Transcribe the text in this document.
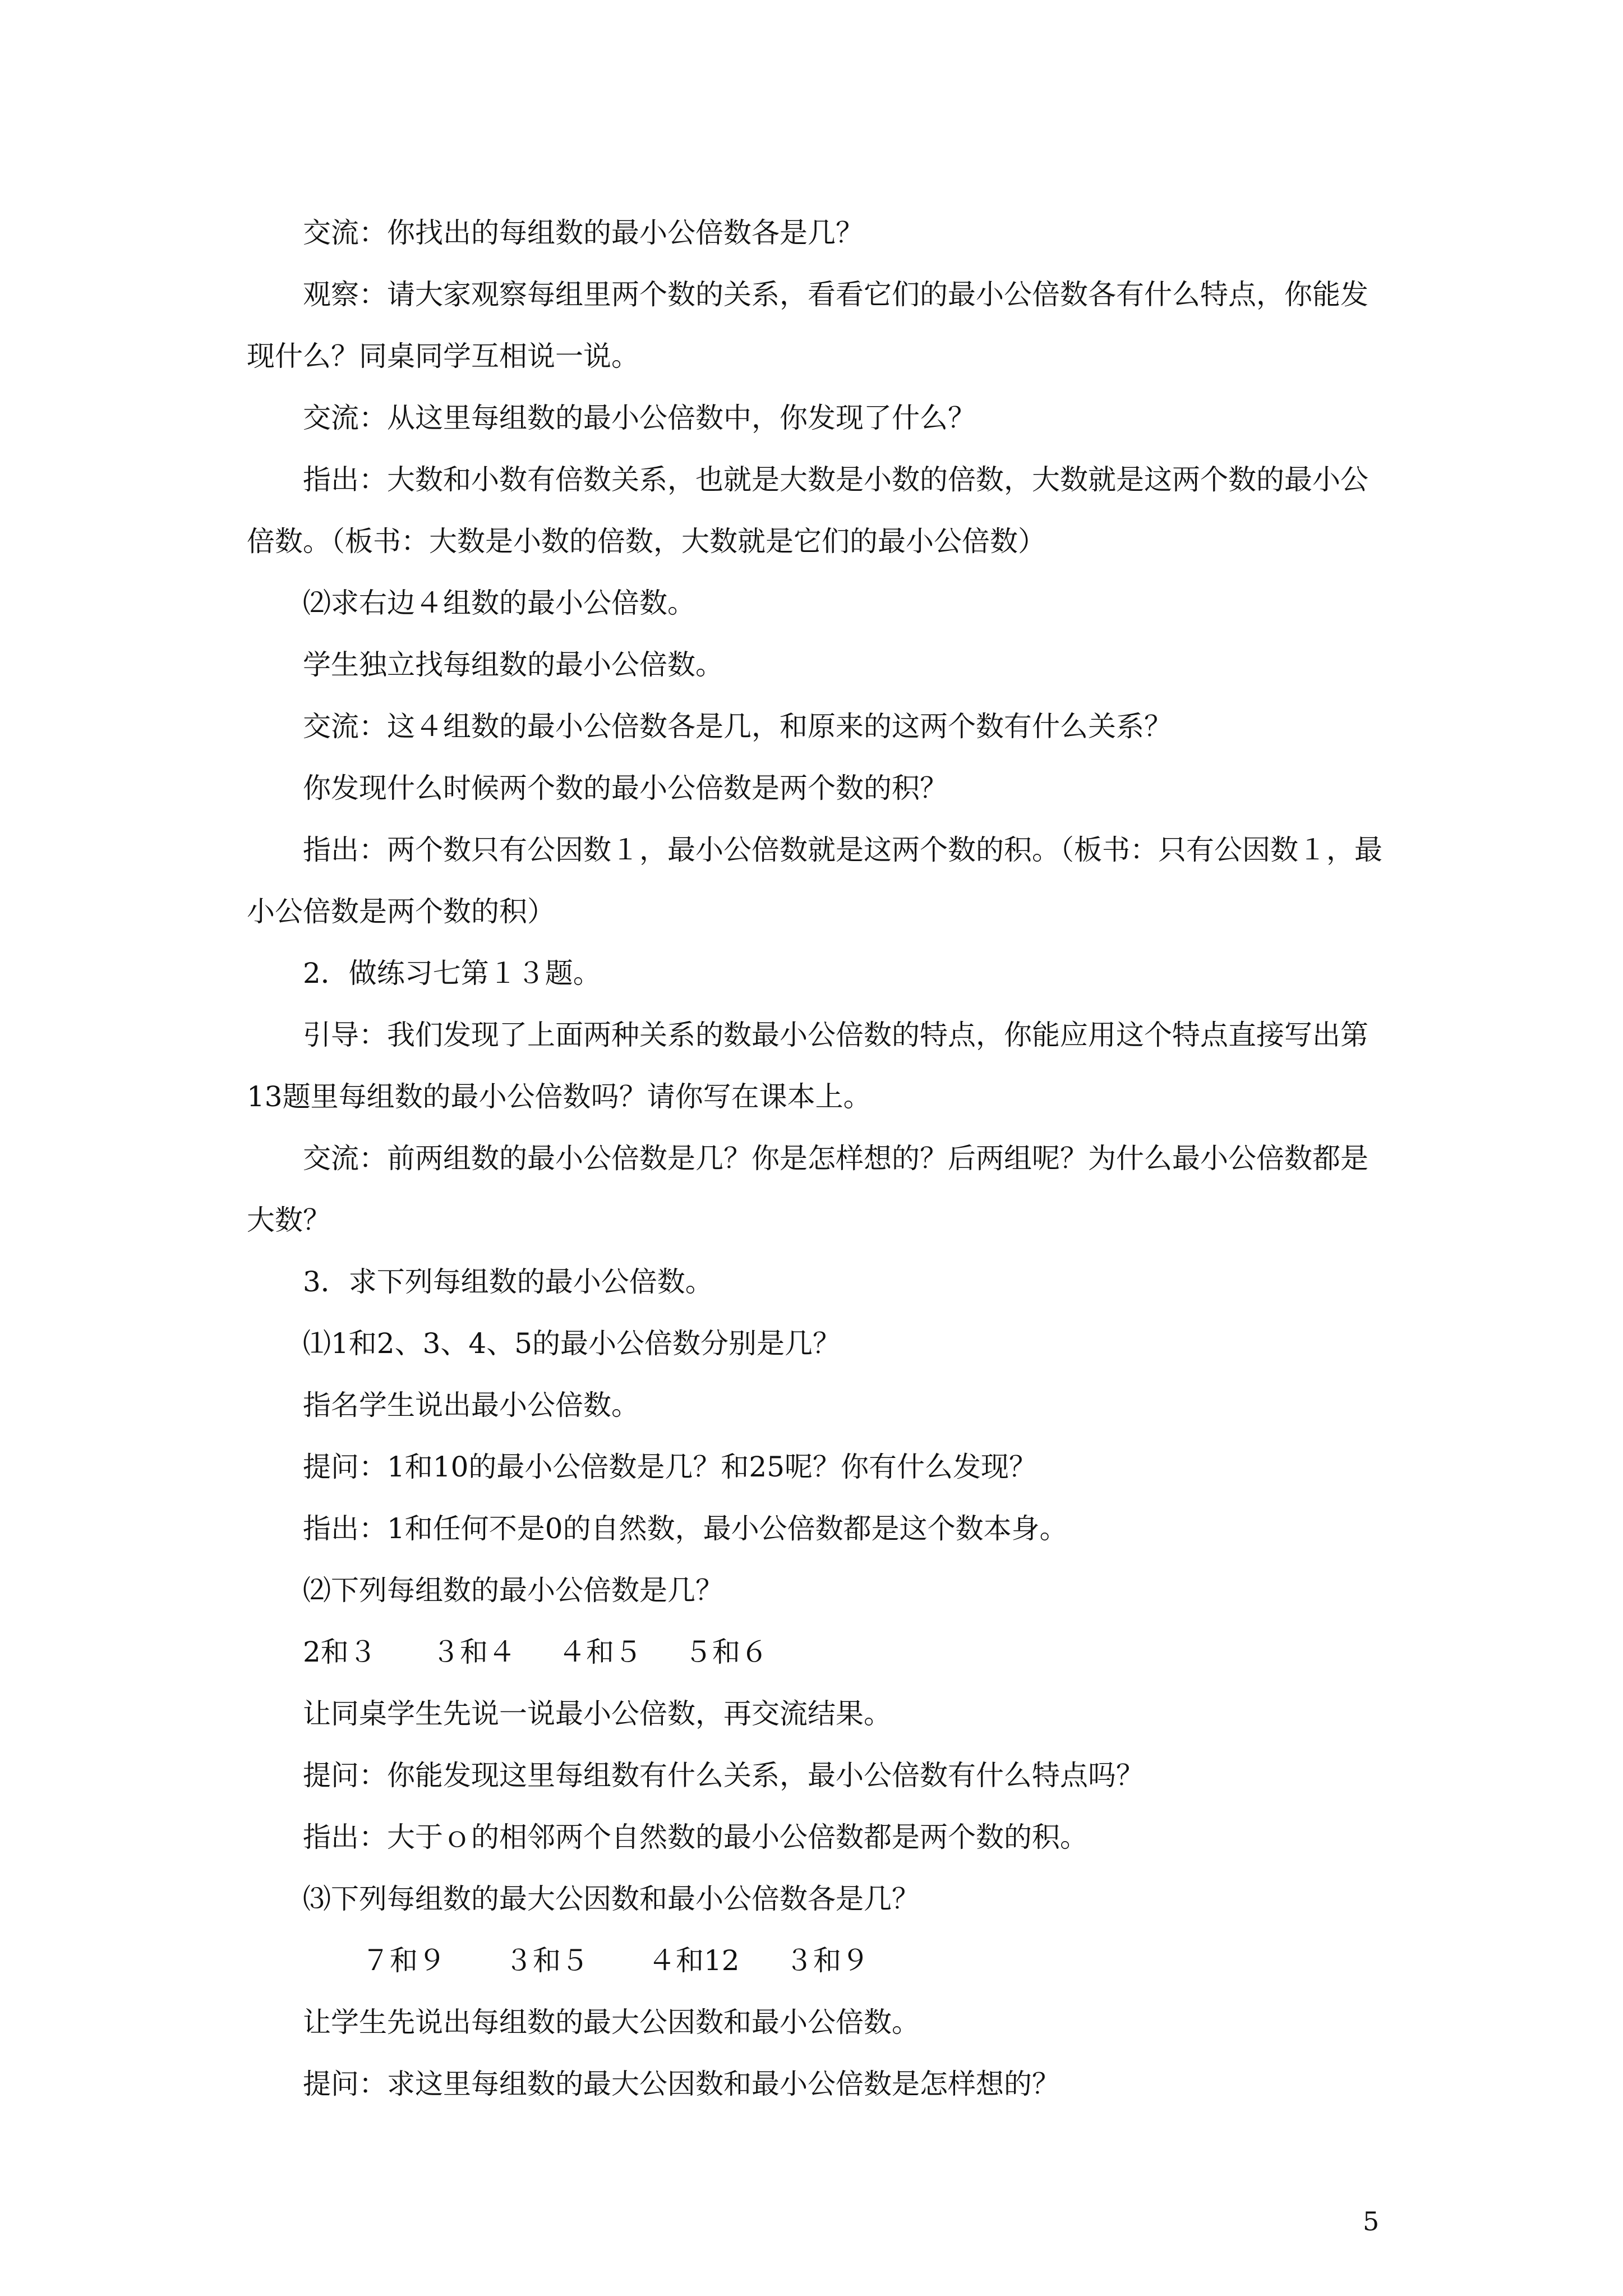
交流：你找出的每组数的最小公倍数各是几？

观察：请大家观察每组里两个数的关系，看看它们的最小公倍数各有什么特点，你能发

现什么？同桌同学互相说一说。

交流：从这里每组数的最小公倍数中，你发现了什么？

指出：大数和小数有倍数关系，也就是大数是小数的倍数，大数就是这两个数的最小公

倍数。（板书：大数是小数的倍数，大数就是它们的最小公倍数）

⑵求右边４组数的最小公倍数。

学生独立找每组数的最小公倍数。

交流：这４组数的最小公倍数各是几，和原来的这两个数有什么关系？

你发现什么时候两个数的最小公倍数是两个数的积？

指出：两个数只有公因数１，最小公倍数就是这两个数的积。（板书：只有公因数１，最

小公倍数是两个数的积）

2．做练习七第１３题。

引导：我们发现了上面两种关系的数最小公倍数的特点，你能应用这个特点直接写出第

13题里每组数的最小公倍数吗？请你写在课本上。

交流：前两组数的最小公倍数是几？你是怎样想的？后两组呢？为什么最小公倍数都是

大数？

3．求下列每组数的最小公倍数。

⑴1和2、3、4、5的最小公倍数分别是几？

指名学生说出最小公倍数。

提问：1和10的最小公倍数是几？和25呢？你有什么发现？

指出：1和任何不是0的自然数，最小公倍数都是这个数本身。

⑵下列每组数的最小公倍数是几？

2和３ ３和４ ４和５ ５和６

让同桌学生先说一说最小公倍数，再交流结果。

提问：你能发现这里每组数有什么关系，最小公倍数有什么特点吗？

指出：大于ｏ的相邻两个自然数的最小公倍数都是两个数的积。

⑶下列每组数的最大公因数和最小公倍数各是几？

７和９ ３和５ ４和12 ３和９

让学生先说出每组数的最大公因数和最小公倍数。

提问：求这里每组数的最大公因数和最小公倍数是怎样想的？

5
